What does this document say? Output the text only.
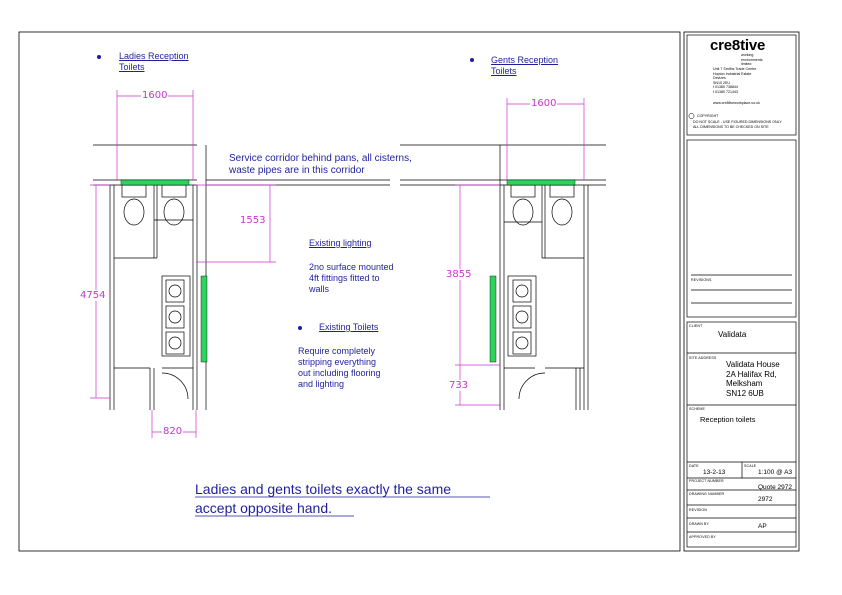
Ladies Reception
Toilets
Gents Reception
Toilets
Service corridor behind pans, all cisterns,
waste pipes are in this corridor
Existing lighting
2no surface mounted
4ft fittings fitted to
walls
Existing Toilets
Require completely
stripping everything
out including flooring
and lighting
Ladies and gents toilets exactly the same
accept opposite hand.
1600
1600
1553
3855
4754
733
820
cre8tive
working
environments
limited
Unit 7 Smiths Trade Centre
Hopton Industrial Estate
Devizes
SN10 2EU
t 01380 738844
f 01380 721443
www.cre8tiveworkplace.co.uk
COPYRIGHT
DO NOT SCALE - USE FIGURED DIMENSIONS ONLY
ALL DIMENSIONS TO BE CHECKED ON SITE
REVISIONS
CLIENT
Validata
SITE ADDRESS
Validata House
2A Halifax Rd,
Melksham
SN12 6UB
SCHEME
Reception toilets
DATE
13-2-13
SCALE
1:100 @ A3
PROJECT NUMBER
Quote 2972
DRAWING NUMBER
2972
REVISION
DRAWN BY	AP
APPROVED BY
